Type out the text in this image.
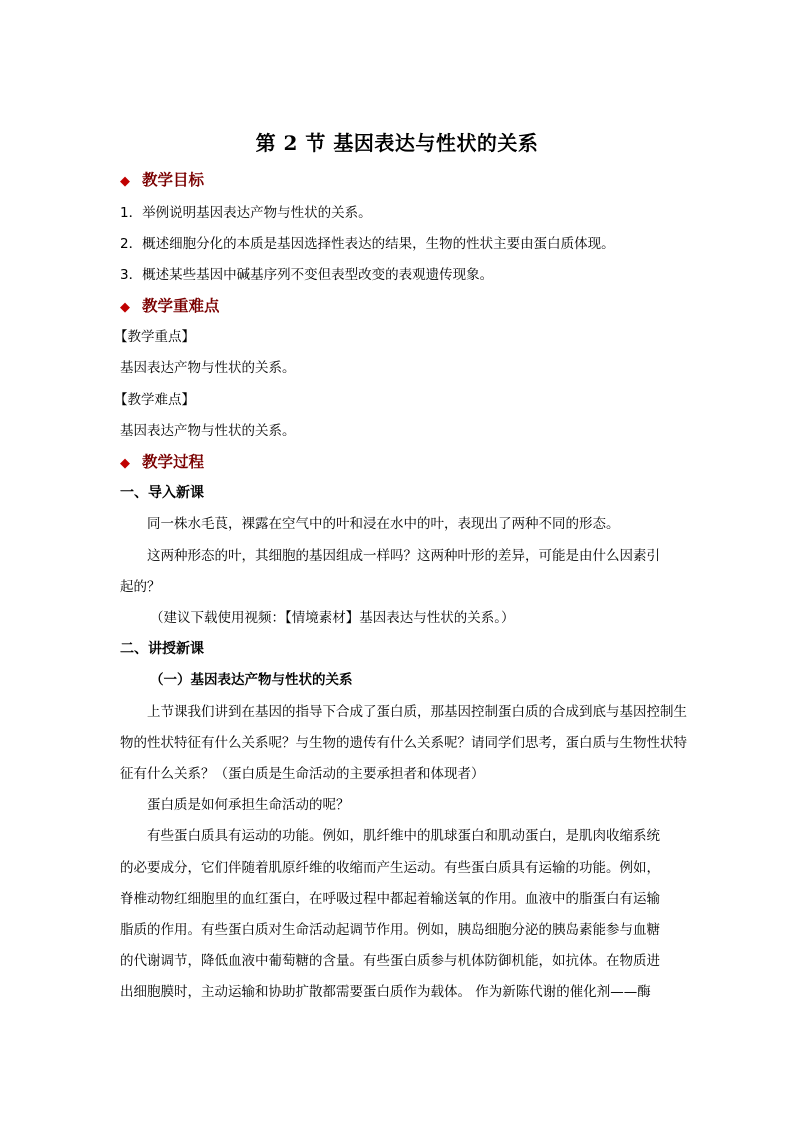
第 2 节 基因表达与性状的关系
◆ 教学目标
1．举例说明基因表达产物与性状的关系。
2．概述细胞分化的本质是基因选择性表达的结果，生物的性状主要由蛋白质体现。
3．概述某些基因中碱基序列不变但表型改变的表观遗传现象。
◆ 教学重难点
【教学重点】
基因表达产物与性状的关系。
【教学难点】
基因表达产物与性状的关系。
◆ 教学过程
一、导入新课
同一株水毛茛，裸露在空气中的叶和浸在水中的叶，表现出了两种不同的形态。
这两种形态的叶，其细胞的基因组成一样吗？这两种叶形的差异，可能是由什么因素引
起的？
（建议下载使用视频：【情境素材】基因表达与性状的关系。）
二、讲授新课
（一）基因表达产物与性状的关系
上节课我们讲到在基因的指导下合成了蛋白质，那基因控制蛋白质的合成到底与基因控制生
物的性状特征有什么关系呢？与生物的遗传有什么关系呢？请同学们思考，蛋白质与生物性状特
征有什么关系？（蛋白质是生命活动的主要承担者和体现者）
蛋白质是如何承担生命活动的呢？
有些蛋白质具有运动的功能。例如，肌纤维中的肌球蛋白和肌动蛋白，是肌肉收缩系统
的必要成分，它们伴随着肌原纤维的收缩而产生运动。有些蛋白质具有运输的功能。例如，
脊椎动物红细胞里的血红蛋白，在呼吸过程中都起着输送氧的作用。血液中的脂蛋白有运输
脂质的作用。有些蛋白质对生命活动起调节作用。例如，胰岛细胞分泌的胰岛素能参与血糖
的代谢调节，降低血液中葡萄糖的含量。有些蛋白质参与机体防御机能，如抗体。在物质进
出细胞膜时，主动运输和协助扩散都需要蛋白质作为载体。 作为新陈代谢的催化剂——酶
